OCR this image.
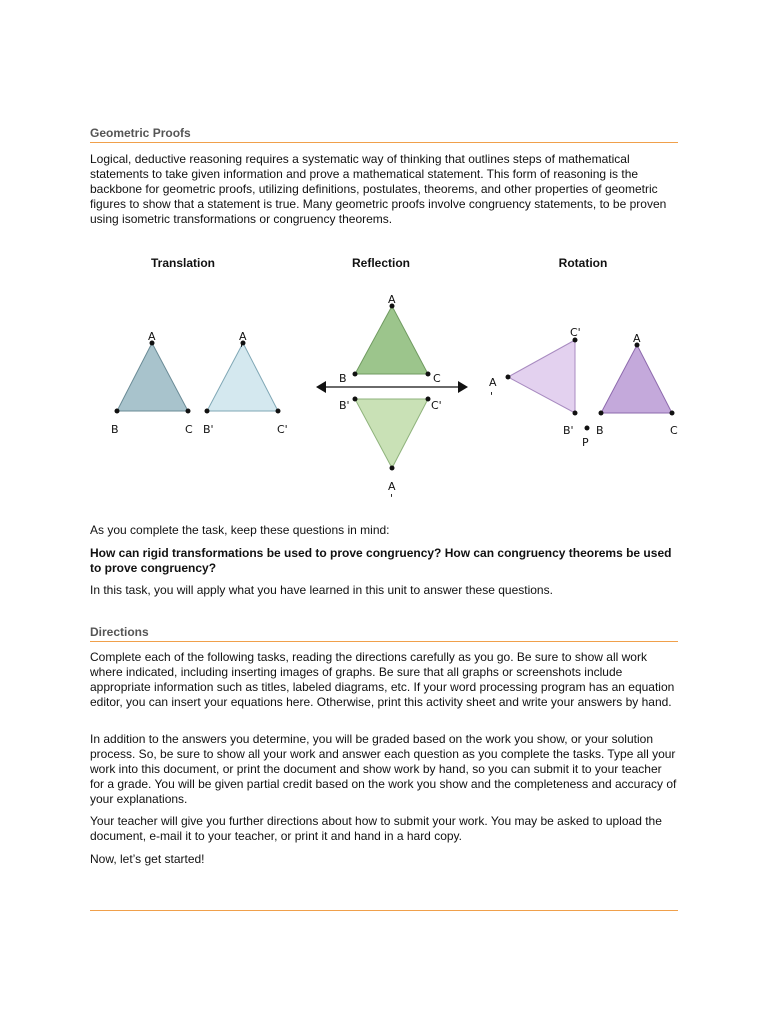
Geometric Proofs

Logical, deductive reasoning requires a systematic way of thinking that outlines steps of mathematical statements to take given information and prove a mathematical statement. This form of reasoning is the backbone for geometric proofs, utilizing definitions, postulates, theorems, and other properties of geometric figures to show that a statement is true. Many geometric proofs involve congruency statements, to be proven using isometric transformations or congruency theorems.

Translation	Reflection	Rotation
A
B	C
A
'
B'	C'
A
B	C
B'	C'
A
'
C'	A
A
'
B' B
P
C

As you complete the task, keep these questions in mind:

How can rigid transformations be used to prove congruency? How can congruency theorems be used to prove congruency?

In this task, you will apply what you have learned in this unit to answer these questions.

Directions

Complete each of the following tasks, reading the directions carefully as you go. Be sure to show all work where indicated, including inserting images of graphs. Be sure that all graphs or screenshots include appropriate information such as titles, labeled diagrams, etc. If your word processing program has an equation editor, you can insert your equations here. Otherwise, print this activity sheet and write your answers by hand.

In addition to the answers you determine, you will be graded based on the work you show, or your solution process. So, be sure to show all your work and answer each question as you complete the tasks. Type all your work into this document, or print the document and show work by hand, so you can submit it to your teacher for a grade. You will be given partial credit based on the work you show and the completeness and accuracy of your explanations.

Your teacher will give you further directions about how to submit your work. You may be asked to upload the document, e-mail it to your teacher, or print it and hand in a hard copy.

Now, let’s get started!
